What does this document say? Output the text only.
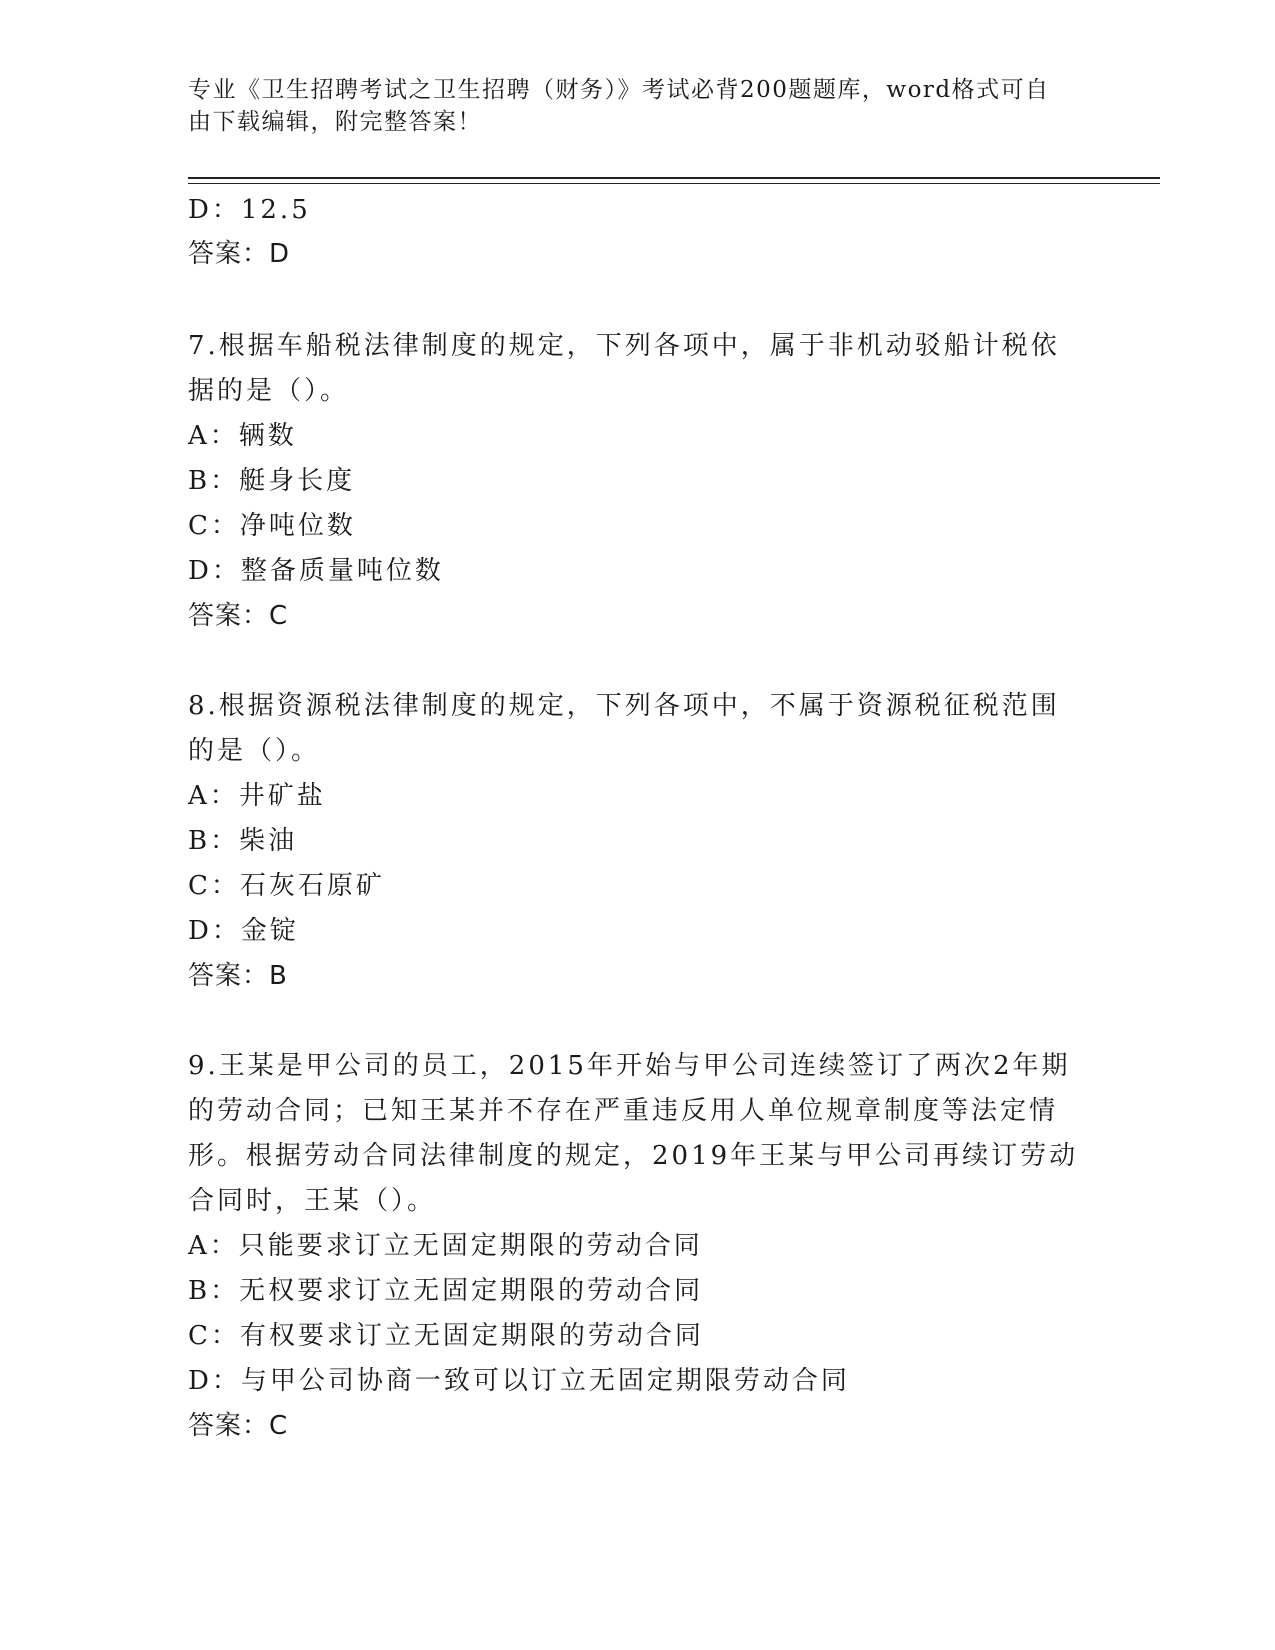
专业《卫生招聘考试之卫生招聘（财务）》考试必背200题题库，word格式可自
由下载编辑，附完整答案！
D：12.5
答案：D
7.根据车船税法律制度的规定，下列各项中，属于非机动驳船计税依
据的是（）。
A：辆数
B：艇身长度
C：净吨位数
D：整备质量吨位数
答案：C
8.根据资源税法律制度的规定，下列各项中，不属于资源税征税范围
的是（）。
A：井矿盐
B：柴油
C：石灰石原矿
D：金锭
答案：B
9.王某是甲公司的员工，2015年开始与甲公司连续签订了两次2年期
的劳动合同；已知王某并不存在严重违反用人单位规章制度等法定情
形。根据劳动合同法律制度的规定，2019年王某与甲公司再续订劳动
合同时，王某（）。
A：只能要求订立无固定期限的劳动合同
B：无权要求订立无固定期限的劳动合同
C：有权要求订立无固定期限的劳动合同
D：与甲公司协商一致可以订立无固定期限劳动合同
答案：C
